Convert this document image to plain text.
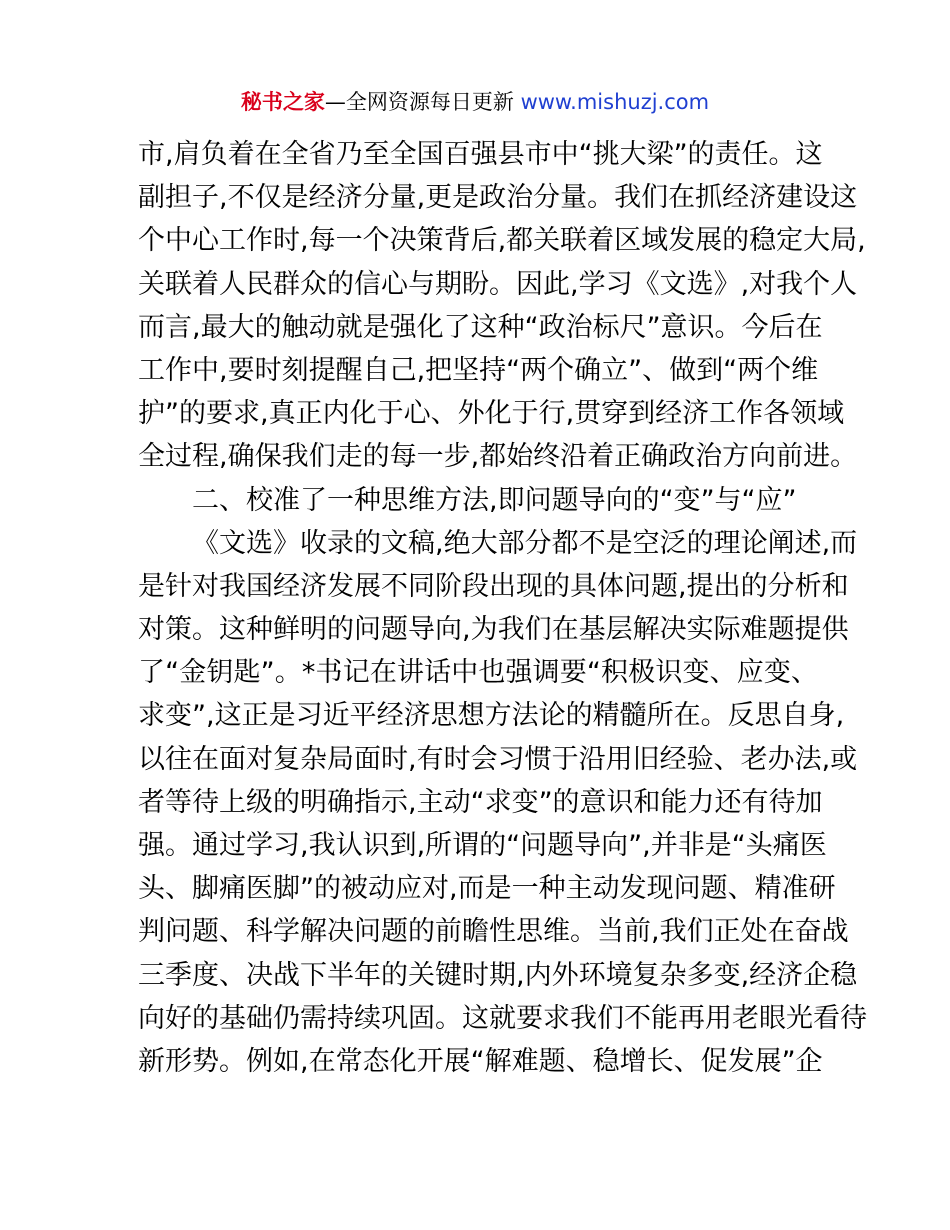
秘书之家—全网资源每日更新 www.mishuzj.com
市,肩负着在全省乃至全国百强县市中“挑大梁”的责任。这
副担子,不仅是经济分量,更是政治分量。我们在抓经济建设这
个中心工作时,每一个决策背后,都关联着区域发展的稳定大局,
关联着人民群众的信心与期盼。因此,学习《文选》,对我个人
而言,最大的触动就是强化了这种“政治标尺”意识。今后在
工作中,要时刻提醒自己,把坚持“两个确立”、做到“两个维
护”的要求,真正内化于心、外化于行,贯穿到经济工作各领域
全过程,确保我们走的每一步,都始终沿着正确政治方向前进。
二、校准了一种思维方法,即问题导向的“变”与“应”
《文选》收录的文稿,绝大部分都不是空泛的理论阐述,而
是针对我国经济发展不同阶段出现的具体问题,提出的分析和
对策。这种鲜明的问题导向,为我们在基层解决实际难题提供
了“金钥匙”。*书记在讲话中也强调要“积极识变、应变、
求变”,这正是习近平经济思想方法论的精髓所在。反思自身,
以往在面对复杂局面时,有时会习惯于沿用旧经验、老办法,或
者等待上级的明确指示,主动“求变”的意识和能力还有待加
强。通过学习,我认识到,所谓的“问题导向”,并非是“头痛医
头、脚痛医脚”的被动应对,而是一种主动发现问题、精准研
判问题、科学解决问题的前瞻性思维。当前,我们正处在奋战
三季度、决战下半年的关键时期,内外环境复杂多变,经济企稳
向好的基础仍需持续巩固。这就要求我们不能再用老眼光看待
新形势。例如,在常态化开展“解难题、稳增长、促发展”企
